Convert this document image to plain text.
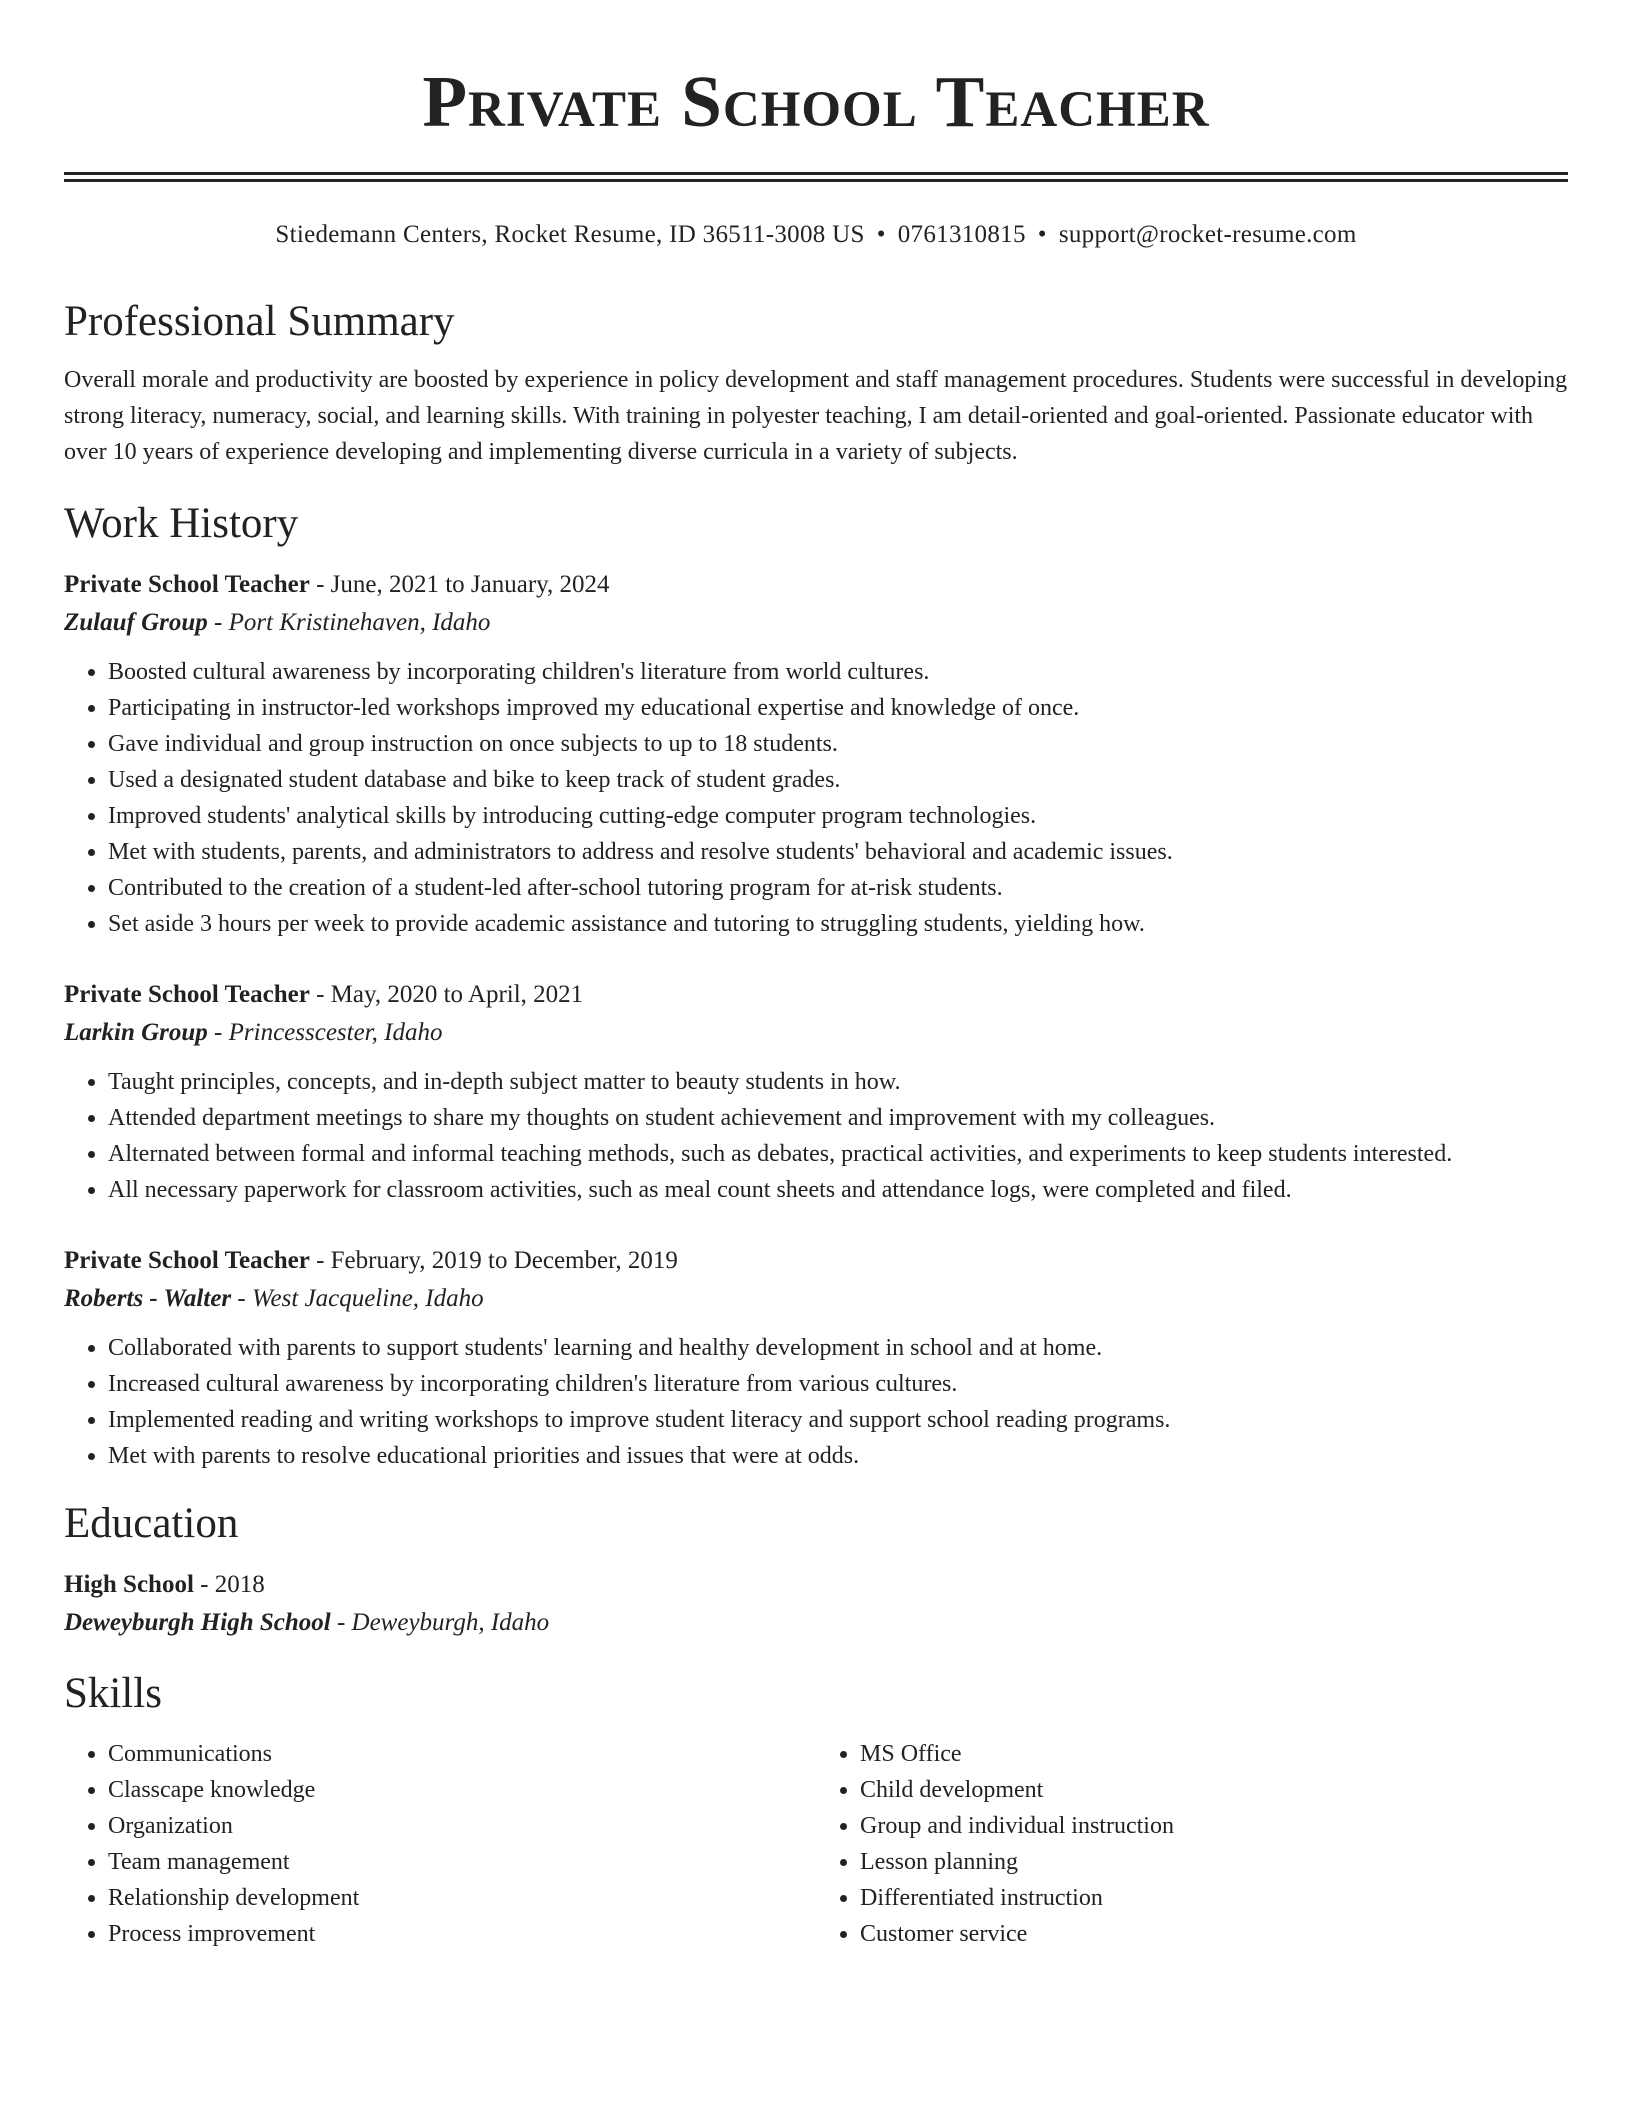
Private School Teacher
Stiedemann Centers, Rocket Resume, ID 36511-3008 US • 0761310815 • support@rocket-resume.com
Professional Summary
Overall morale and productivity are boosted by experience in policy development and staff management procedures. Students were successful in developing strong literacy, numeracy, social, and learning skills. With training in polyester teaching, I am detail-oriented and goal-oriented. Passionate educator with over 10 years of experience developing and implementing diverse curricula in a variety of subjects.
Work History
Private School Teacher - June, 2021 to January, 2024
Zulauf Group - Port Kristinehaven, Idaho
• Boosted cultural awareness by incorporating children's literature from world cultures.
• Participating in instructor-led workshops improved my educational expertise and knowledge of once.
• Gave individual and group instruction on once subjects to up to 18 students.
• Used a designated student database and bike to keep track of student grades.
• Improved students' analytical skills by introducing cutting-edge computer program technologies.
• Met with students, parents, and administrators to address and resolve students' behavioral and academic issues.
• Contributed to the creation of a student-led after-school tutoring program for at-risk students.
• Set aside 3 hours per week to provide academic assistance and tutoring to struggling students, yielding how.
Private School Teacher - May, 2020 to April, 2021
Larkin Group - Princesscester, Idaho
• Taught principles, concepts, and in-depth subject matter to beauty students in how.
• Attended department meetings to share my thoughts on student achievement and improvement with my colleagues.
• Alternated between formal and informal teaching methods, such as debates, practical activities, and experiments to keep students interested.
• All necessary paperwork for classroom activities, such as meal count sheets and attendance logs, were completed and filed.
Private School Teacher - February, 2019 to December, 2019
Roberts - Walter - West Jacqueline, Idaho
• Collaborated with parents to support students' learning and healthy development in school and at home.
• Increased cultural awareness by incorporating children's literature from various cultures.
• Implemented reading and writing workshops to improve student literacy and support school reading programs.
• Met with parents to resolve educational priorities and issues that were at odds.
Education
High School - 2018
Deweyburgh High School - Deweyburgh, Idaho
Skills
• Communications
• Classcape knowledge
• Organization
• Team management
• Relationship development
• Process improvement
• MS Office
• Child development
• Group and individual instruction
• Lesson planning
• Differentiated instruction
• Customer service
